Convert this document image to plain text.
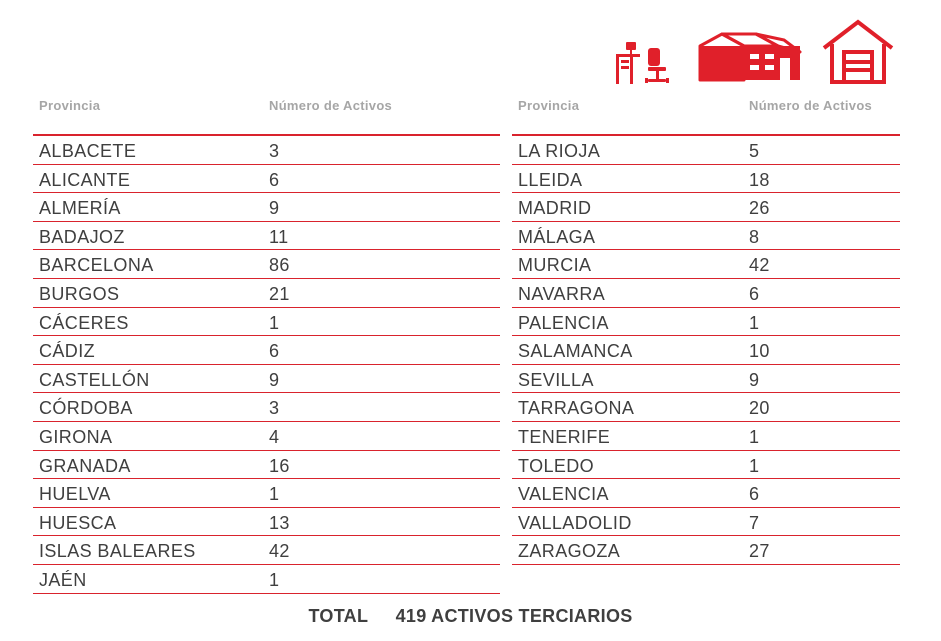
Provincia	Número de Activos
ALBACETE	3
ALICANTE	6
ALMERÍA	9
BADAJOZ	11
BARCELONA	86
BURGOS	21
CÁCERES	1
CÁDIZ	6
CASTELLÓN	9
CÓRDOBA	3
GIRONA	4
GRANADA	16
HUELVA	1
HUESCA	13
ISLAS BALEARES	42
JAÉN	1
Provincia	Número de Activos
LA RIOJA	5
LLEIDA	18
MADRID	26
MÁLAGA	8
MURCIA	42
NAVARRA	6
PALENCIA	1
SALAMANCA	10
SEVILLA	9
TARRAGONA	20
TENERIFE	1
TOLEDO	1
VALENCIA	6
VALLADOLID	7
ZARAGOZA	27
TOTAL 419 ACTIVOS TERCIARIOS
